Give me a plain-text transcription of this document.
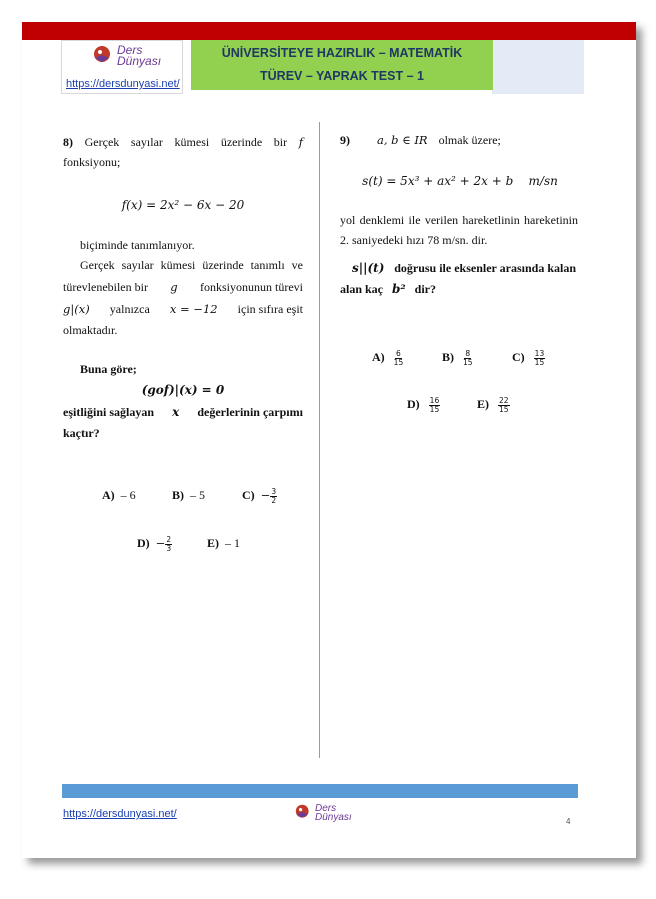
Ders
Dünyası
https://dersdunyasi.net/
ÜNİVERSİTEYE HAZIRLIK – MATEMATİK
TÜREV – YAPRAK TEST – 1
8) Gerçek sayılar kümesi üzerinde bir f
fonksiyonu;
f(x) = 2x² − 6x − 20
biçiminde tanımlanıyor.
Gerçek sayılar kümesi üzerinde tanımlı ve
türevlenebilen bir g fonksiyonunun türevi
g|(x) yalnızca x = −12 için sıfıra eşit
olmaktadır.
Buna göre;
(gof)|(x) = 0
eşitliğini sağlayan x değerlerinin çarpımı
kaçtır?
A) – 6	B) – 5	$C) - \frac{3}{2}$
$D) - \frac{2}{3}$	E) – 1
9) a, b ∈ IR olmak üzere;
s(t) = 5x³ + ax² + 2x + b    m/sn
yol denklemi ile verilen hareketlinin hareketinin
2. saniyedeki hızı 78 m/sn. dir.
s||(t) doğrusu ile eksenler arasında kalan
alan kaç b² dir?
$A) \frac{6}{15}$	$B) \frac{8}{15}$	$C) \frac{13}{15}$
$D) \frac{16}{15}$	$E) \frac{22}{15}$
https://dersdunyasi.net/	Ders
Dünyası	4
